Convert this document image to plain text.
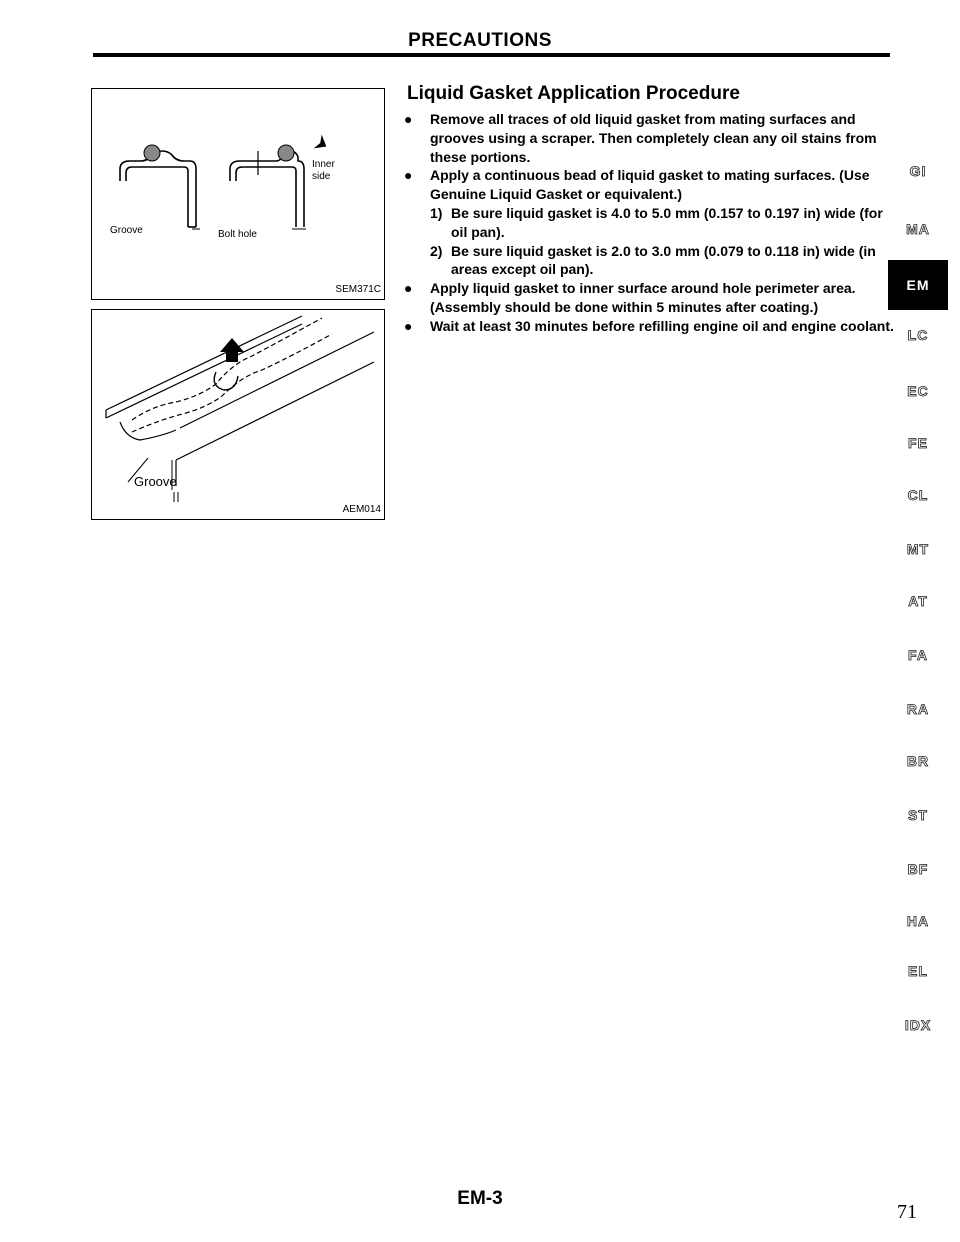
PRECAUTIONS
Groove	Bolt hole
Inner
side
SEM371C
Groove
AEM014
Liquid Gasket Application Procedure
● Remove all traces of old liquid gasket from mating surfaces and grooves using a scraper. Then completely clean any oil stains from these portions.
● Apply a continuous bead of liquid gasket to mating surfaces. (Use Genuine Liquid Gasket or equivalent.)
1) Be sure liquid gasket is 4.0 to 5.0 mm (0.157 to 0.197 in) wide (for oil pan).
2) Be sure liquid gasket is 2.0 to 3.0 mm (0.079 to 0.118 in) wide (in areas except oil pan).
● Apply liquid gasket to inner surface around hole perimeter area.
(Assembly should be done within 5 minutes after coating.)
● Wait at least 30 minutes before refilling engine oil and engine coolant.
GI
MA
EM
LC
EC
FE
CL
MT
AT
FA
RA
BR
ST
BF
HA
EL
IDX
EM-3
71
